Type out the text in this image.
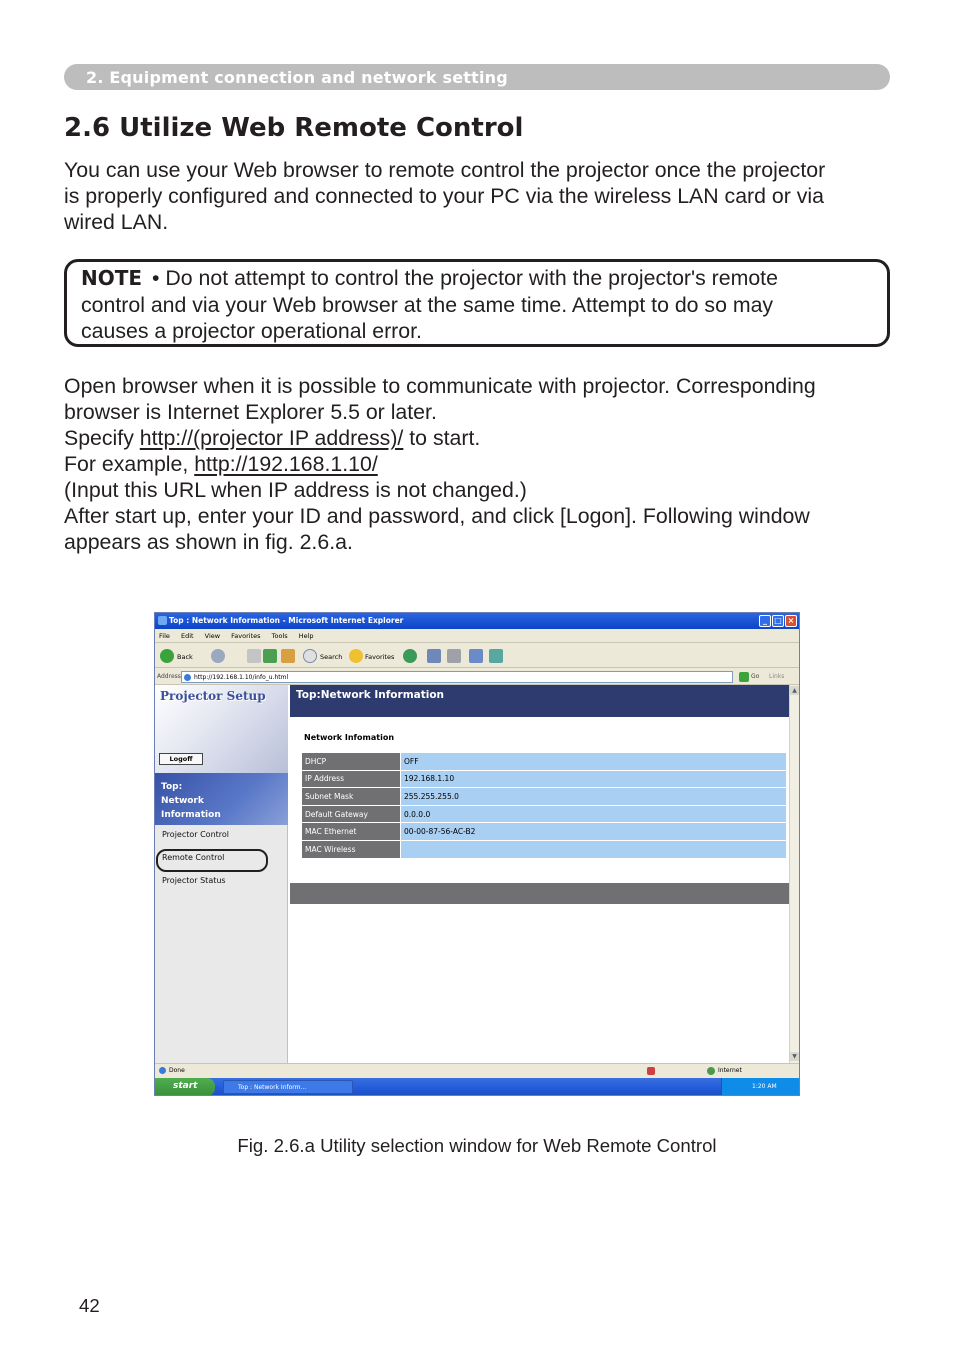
2. Equipment connection and network setting
2.6 Utilize Web Remote Control
You can use your Web browser to remote control the projector once the projector
is properly configured and connected to your PC via the wireless LAN card or via
wired LAN.
NOTE • Do not attempt to control the projector with the projector's remote
control and via your Web browser at the same time. Attempt to do so may
causes a projector operational error.
Open browser when it is possible to communicate with projector. Corresponding
browser is Internet Explorer 5.5 or later.
Specify http://(projector IP address)/ to start.
For example, http://192.168.1.10/
(Input this URL when IP address is not changed.)
After start up, enter your ID and password, and click [Logon]. Following window
appears as shown in fig. 2.6.a.
Top : Network Information - Microsoft Internet Explorer	_ □ ×
File Edit View Favorites Tools Help
Back	Search	Favorites
Address	http://192.168.1.10/info_u.html	Go Links
Projector Setup
Logoff
Top:
Network
Information
Projector Control
Remote Control
Projector Status
Top:Network Information
Network Infomation
DHCP	OFF
IP Address	192.168.1.10
Subnet Mask	255.255.255.0
Default Gateway	0.0.0.0
MAC Ethernet	00-00-87-56-AC-B2
MAC Wireless	
▲
▼
Done	Internet
start	Top : Network Inform...	1:20 AM
Fig. 2.6.a Utility selection window for Web Remote Control
42
